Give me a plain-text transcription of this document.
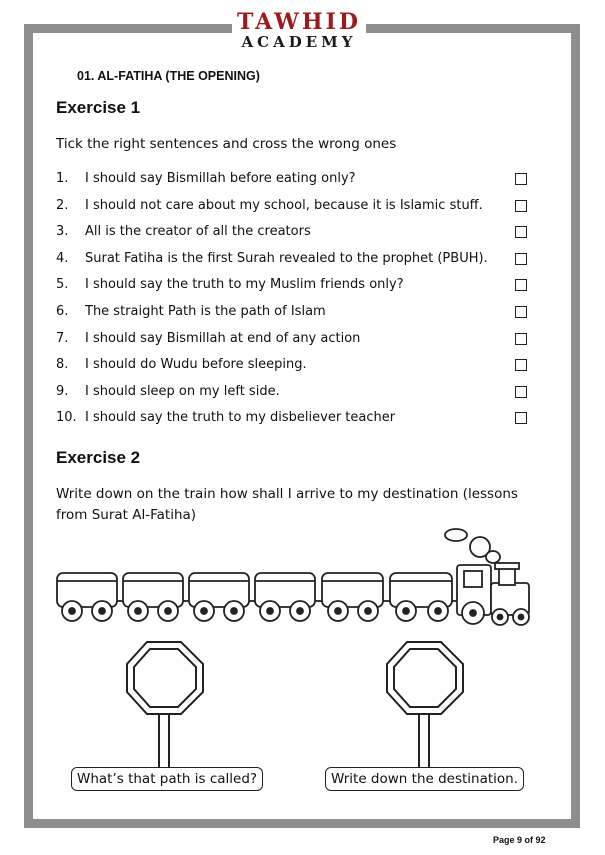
TAWHID
ACADEMY
01. AL-FATIHA (THE OPENING)
Exercise 1
Tick the right sentences and cross the wrong ones
1. I should say Bismillah before eating only?
2. I should not care about my school, because it is Islamic stuff.
3. All is the creator of all the creators
4. Surat Fatiha is the first Surah revealed to the prophet (PBUH).
5. I should say the truth to my Muslim friends only?
6. The straight Path is the path of Islam
7. I should say Bismillah at end of any action
8. I should do Wudu before sleeping.
9. I should sleep on my left side.
10. I should say the truth to my disbeliever teacher
Exercise 2
Write down on the train how shall I arrive to my destination (lessons
from Surat Al-Fatiha)
What’s that path is called?	Write down the destination.
Page 9 of 92
